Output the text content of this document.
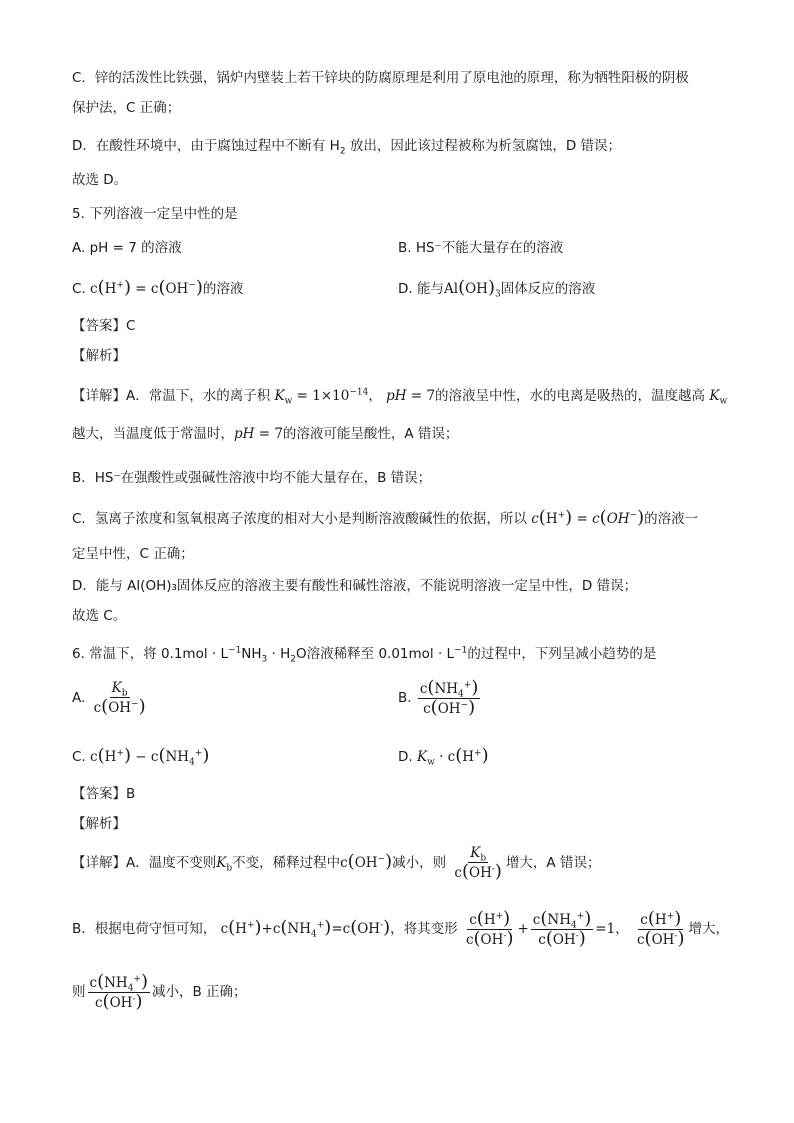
C．锌的活泼性比铁强，锅炉内壁装上若干锌块的防腐原理是利用了原电池的原理，称为牺牲阳极的阴极
保护法，C 正确；
D．在酸性环境中，由于腐蚀过程中不断有 $H_2$ 放出，因此该过程被称为析氢腐蚀，D 错误；
故选 D。
5. 下列溶液一定呈中性的是
A. pH = 7 的溶液	B. HS⁻不能大量存在的溶液
C. c(H+) = c(OH−)的溶液	D. 能与$Al(OH)_3$固体反应的溶液
【答案】C
【解析】
【详解】A．常温下，水的离子积 $K_w = 1\times 10^{-14}$， pH = 7的溶液呈中性，水的电离是吸热的，温度越高 $K_w$
越大，当温度低于常温时，pH = 7的溶液可能呈酸性，A 错误；
B．HS⁻在强酸性或强碱性溶液中均不能大量存在，B 错误；
C．氢离子浓度和氢氧根离子浓度的相对大小是判断溶液酸碱性的依据，所以 c(H+) = c(OH−)的溶液一
定呈中性，C 正确；
D．能与 Al(OH)₃固体反应的溶液主要有酸性和碱性溶液，不能说明溶液一定呈中性，D 错误；
故选 C。
6. 常温下，将 $0.1mol \cdot L^{-1}NH_3 \cdot H_2O$溶液稀释至 $0.01mol \cdot L^{-1}$的过程中，下列呈减小趋势的是
A. $\frac{K_b}{c(OH^-)}$	B. $\frac{c(NH_4^+)}{c(OH^-)}$
C. $c(H^+) - c(NH_4^+)$	D. $K_w \cdot c(H^+)$
【答案】B
【解析】
【详解】A．温度不变则$K_b$不变，稀释过程中c(OH−)减小，则 $\frac{K_b}{c(OH^-)}$ 增大，A 错误；
B．根据电荷守恒可知， $c(H^+)+c(NH_4^+)=c(OH^-)$，将其变形 $\frac{c(H^+)}{c(OH^-)} + \frac{c(NH_4^+)}{c(OH^-)} =1$， $\frac{c(H^+)}{c(OH^-)}$ 增大，
则 $\frac{c(NH_4^+)}{c(OH^-)}$ 减小，B 正确；
